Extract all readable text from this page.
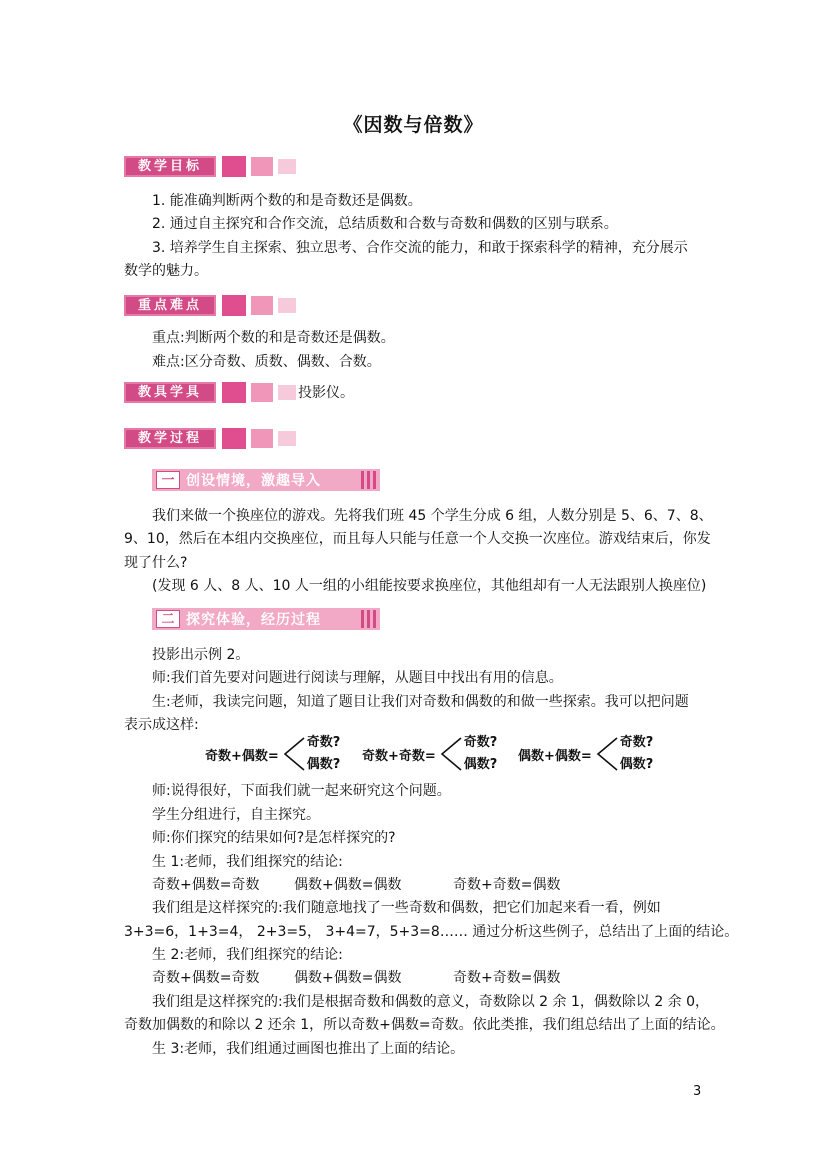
《因数与倍数》
教学目标
1. 能准确判断两个数的和是奇数还是偶数。
2. 通过自主探究和合作交流，总结质数和合数与奇数和偶数的区别与联系。
3. 培养学生自主探索、独立思考、合作交流的能力，和敢于探索科学的精神，充分展示
数学的魅力。
重点难点
重点:判断两个数的和是奇数还是偶数。
难点:区分奇数、质数、偶数、合数。
教具学具	投影仪。
教学过程
一 创设情境，激趣导入
我们来做一个换座位的游戏。先将我们班 45 个学生分成 6 组，人数分别是 5、6、7、8、
9、10，然后在本组内交换座位，而且每人只能与任意一个人交换一次座位。游戏结束后，你发
现了什么?
(发现 6 人、8 人、10 人一组的小组能按要求换座位，其他组却有一人无法跟别人换座位)
二 探究体验，经历过程
投影出示例 2。
师:我们首先要对问题进行阅读与理解，从题目中找出有用的信息。
生:老师，我读完问题，知道了题目让我们对奇数和偶数的和做一些探索。我可以把问题
表示成这样:
奇数+偶数=
奇数?
偶数?
奇数+奇数=
奇数?
偶数?
偶数+偶数=
奇数?
偶数?
师:说得很好，下面我们就一起来研究这个问题。
学生分组进行，自主探究。
师:你们探究的结果如何?是怎样探究的?
生 1:老师，我们组探究的结论:
奇数+偶数=奇数 偶数+偶数=偶数	奇数+奇数=偶数
我们组是这样探究的:我们随意地找了一些奇数和偶数，把它们加起来看一看，例如
3+3=6，1+3=4， 2+3=5， 3+4=7，5+3=8…… 通过分析这些例子，总结出了上面的结论。
生 2:老师，我们组探究的结论:
奇数+偶数=奇数 偶数+偶数=偶数	奇数+奇数=偶数
我们组是这样探究的:我们是根据奇数和偶数的意义，奇数除以 2 余 1，偶数除以 2 余 0，
奇数加偶数的和除以 2 还余 1，所以奇数+偶数=奇数。依此类推，我们组总结出了上面的结论。
生 3:老师，我们组通过画图也推出了上面的结论。
3
